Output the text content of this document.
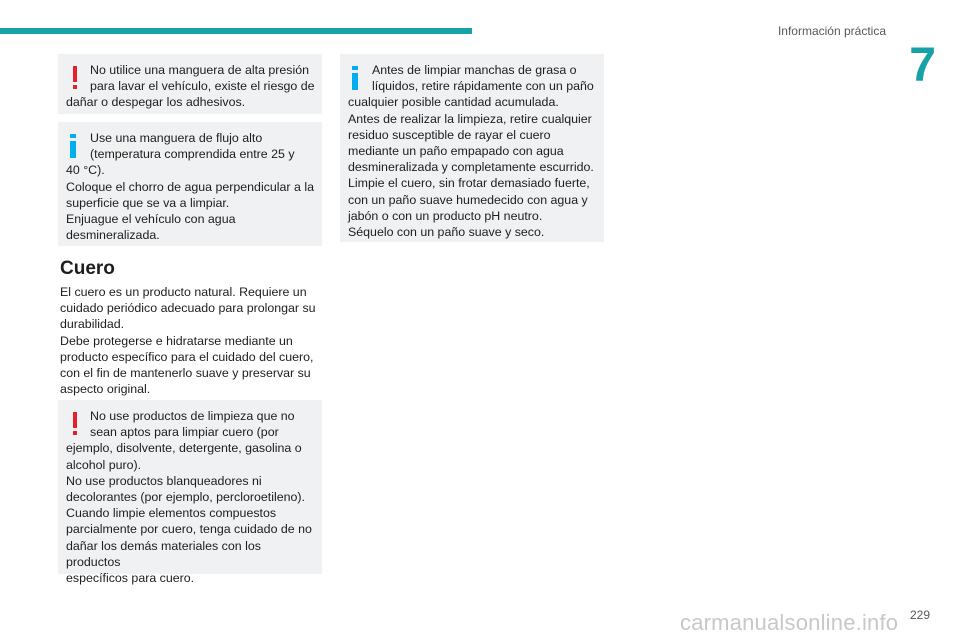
Información práctica
7

No utilice una manguera de alta presión

para lavar el vehículo, existe el riesgo de

dañar o despegar los adhesivos.

Use una manguera de flujo alto

(temperatura comprendida entre 25 y

40 °C).

Coloque el chorro de agua perpendicular a la

superficie que se va a limpiar.

Enjuague el vehículo con agua

desmineralizada.

Cuero

El cuero es un producto natural. Requiere un

cuidado periódico adecuado para prolongar su

durabilidad.

Debe protegerse e hidratarse mediante un

producto específico para el cuidado del cuero,

con el fin de mantenerlo suave y preservar su

aspecto original.

No use productos de limpieza que no

sean aptos para limpiar cuero (por

ejemplo, disolvente, detergente, gasolina o

alcohol puro).

No use productos blanqueadores ni

decolorantes (por ejemplo, percloroetileno).

Cuando limpie elementos compuestos

parcialmente por cuero, tenga cuidado de no

dañar los demás materiales con los productos

específicos para cuero.

Antes de limpiar manchas de grasa o

líquidos, retire rápidamente con un paño

cualquier posible cantidad acumulada.

Antes de realizar la limpieza, retire cualquier

residuo susceptible de rayar el cuero

mediante un paño empapado con agua

desmineralizada y completamente escurrido.

Limpie el cuero, sin frotar demasiado fuerte,

con un paño suave humedecido con agua y

jabón o con un producto pH neutro.

Séquelo con un paño suave y seco.

229
carmanualsonline.info
